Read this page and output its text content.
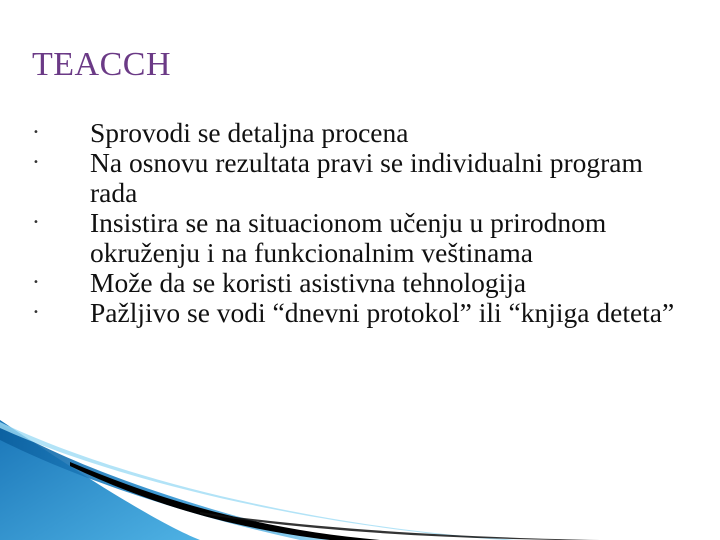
TEACCH
• Sprovodi se detaljna procena
• Na osnovu rezultata pravi se individualni program rada
• Insistira se na situacionom učenju u prirodnom okruženju i na funkcionalnim veštinama
• Može da se koristi asistivna tehnologija
• Pažljivo se vodi “dnevni protokol” ili “knjiga deteta”
